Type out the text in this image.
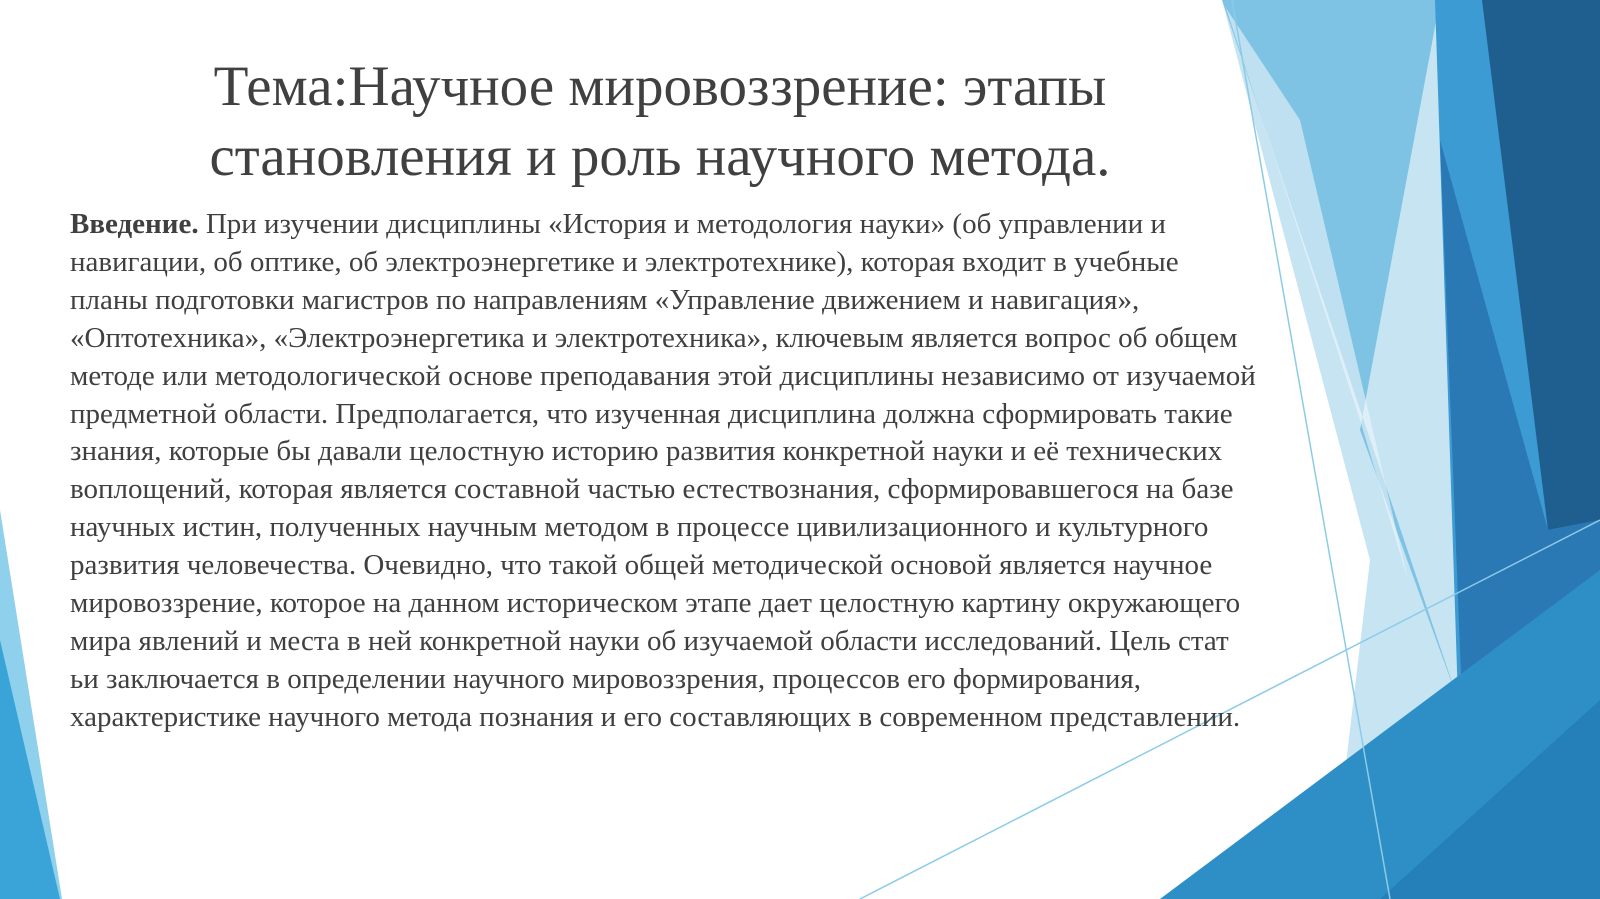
Тема:Научное мировоззрение: этапы становления и роль научного метода.

Введение. При изучении дисциплины «История и методология науки» (об управлении и навигации, об оптике, об электроэнергетике и электротехнике), которая входит в учебные планы подготовки магистров по направлениям «Управление движением и навигация», «Оптотехника», «Электроэнергетика и электротехника», ключевым является вопрос об общем методе или методологической основе преподавания этой дисциплины независимо от изучаемой предметной области. Предполагается, что изученная дисциплина должна сформировать такие знания, которые бы давали целостную историю развития конкретной науки и её технических воплощений, которая является составной частью естествознания, сформировавшегося на базе научных истин, полученных научным методом в процессе цивилизационного и культурного развития человечества. Очевидно, что такой общей методической основой является научное мировоззрение, которое на данном историческом этапе дает целостную картину окружающего мира явлений и места в ней конкретной науки об изучаемой области исследований. Цель стат ьи заключается в определении научного мировоззрения, процессов его формирования, характеристике научного метода познания и его составляющих в современном представлении.
